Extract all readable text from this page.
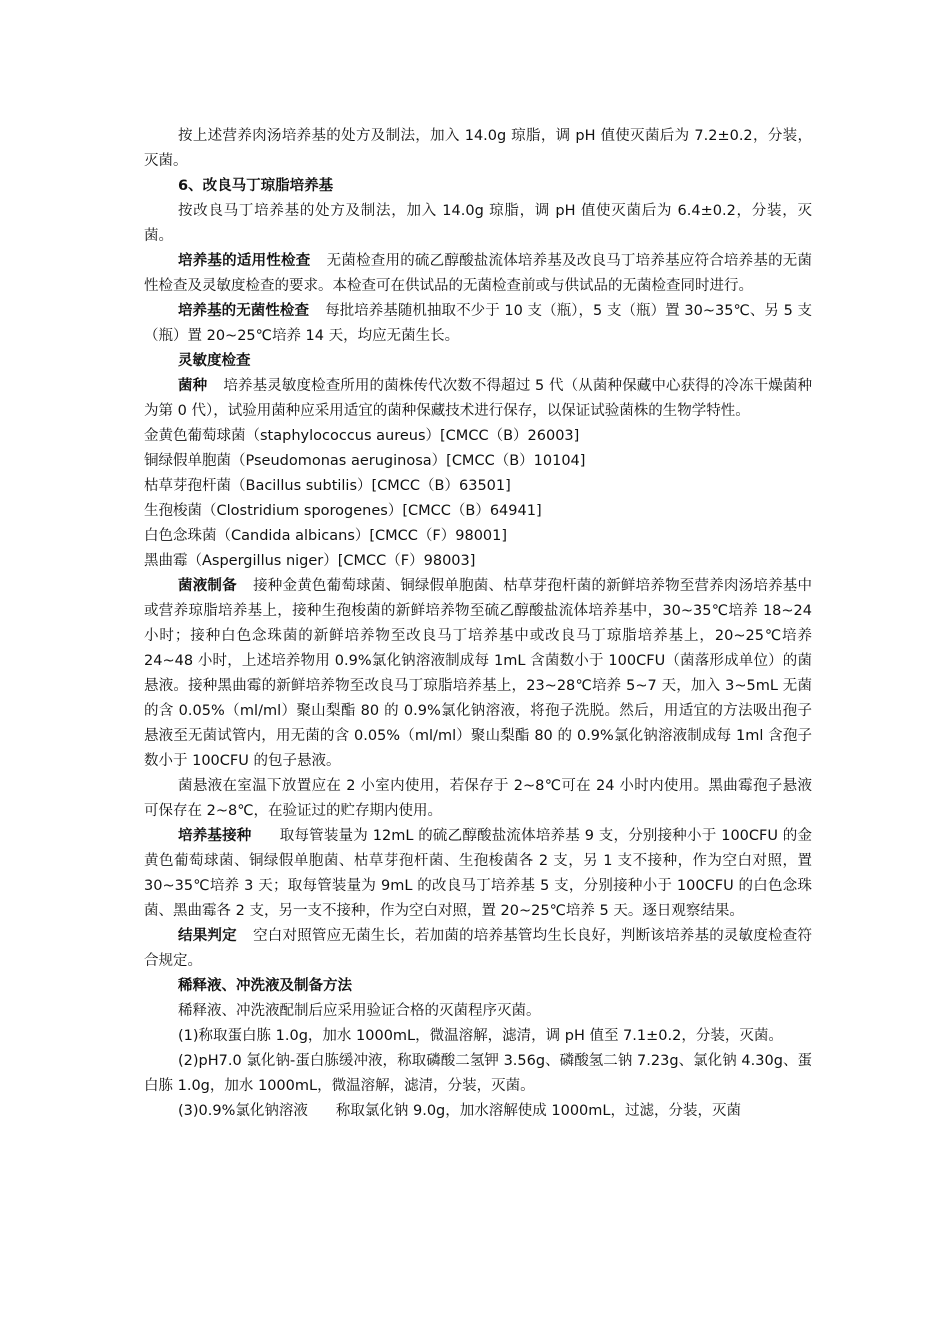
按上述营养肉汤培养基的处方及制法，加入 14.0g 琼脂，调 pH 值使灭菌后为 7.2±0.2，分装，灭菌。

6、改良马丁琼脂培养基

按改良马丁培养基的处方及制法，加入 14.0g 琼脂，调 pH 值使灭菌后为 6.4±0.2，分装，灭菌。

培养基的适用性检查 无菌检查用的硫乙醇酸盐流体培养基及改良马丁培养基应符合培养基的无菌性检查及灵敏度检查的要求。本检查可在供试品的无菌检查前或与供试品的无菌检查同时进行。

培养基的无菌性检查 每批培养基随机抽取不少于 10 支（瓶），5 支（瓶）置 30~35℃、另 5 支（瓶）置 20~25℃培养 14 天，均应无菌生长。

灵敏度检查

菌种 培养基灵敏度检查所用的菌株传代次数不得超过 5 代（从菌种保藏中心获得的冷冻干燥菌种为第 0 代），试验用菌种应采用适宜的菌种保藏技术进行保存，以保证试验菌株的生物学特性。

金黄色葡萄球菌（staphylococcus aureus）[CMCC（B）26003]

铜绿假单胞菌（Pseudomonas aeruginosa）[CMCC（B）10104]

枯草芽孢杆菌（Bacillus subtilis）[CMCC（B）63501]

生孢梭菌（Clostridium sporogenes）[CMCC（B）64941]

白色念珠菌（Candida albicans）[CMCC（F）98001]

黑曲霉（Aspergillus niger）[CMCC（F）98003]

菌液制备 接种金黄色葡萄球菌、铜绿假单胞菌、枯草芽孢杆菌的新鲜培养物至营养肉汤培养基中或营养琼脂培养基上，接种生孢梭菌的新鲜培养物至硫乙醇酸盐流体培养基中，30~35℃培养 18~24 小时；接种白色念珠菌的新鲜培养物至改良马丁培养基中或改良马丁琼脂培养基上，20~25℃培养 24~48 小时，上述培养物用 0.9%氯化钠溶液制成每 1mL 含菌数小于 100CFU（菌落形成单位）的菌悬液。接种黑曲霉的新鲜培养物至改良马丁琼脂培养基上，23~28℃培养 5~7 天，加入 3~5mL 无菌的含 0.05%（ml/ml）聚山梨酯 80 的 0.9%氯化钠溶液，将孢子洗脱。然后，用适宜的方法吸出孢子悬液至无菌试管内，用无菌的含 0.05%（ml/ml）聚山梨酯 80 的 0.9%氯化钠溶液制成每 1ml 含孢子数小于 100CFU 的包子悬液。

菌悬液在室温下放置应在 2 小室内使用，若保存于 2~8℃可在 24 小时内使用。黑曲霉孢子悬液可保存在 2~8℃，在验证过的贮存期内使用。

培养基接种 取每管装量为 12mL 的硫乙醇酸盐流体培养基 9 支，分别接种小于 100CFU 的金黄色葡萄球菌、铜绿假单胞菌、枯草芽孢杆菌、生孢梭菌各 2 支，另 1 支不接种，作为空白对照，置 30~35℃培养 3 天；取每管装量为 9mL 的改良马丁培养基 5 支，分别接种小于 100CFU 的白色念珠菌、黑曲霉各 2 支，另一支不接种，作为空白对照，置 20~25℃培养 5 天。逐日观察结果。

结果判定 空白对照管应无菌生长，若加菌的培养基管均生长良好，判断该培养基的灵敏度检查符合规定。

稀释液、冲洗液及制备方法

稀释液、冲洗液配制后应采用验证合格的灭菌程序灭菌。

(1)称取蛋白胨 1.0g，加水 1000mL，微温溶解，滤清，调 pH 值至 7.1±0.2，分装，灭菌。

(2)pH7.0 氯化钠-蛋白胨缓冲液，称取磷酸二氢钾 3.56g、磷酸氢二钠 7.23g、氯化钠 4.30g、蛋白胨 1.0g，加水 1000mL，微温溶解，滤清，分装，灭菌。

(3)0.9%氯化钠溶液 称取氯化钠 9.0g，加水溶解使成 1000mL，过滤，分装，灭菌
